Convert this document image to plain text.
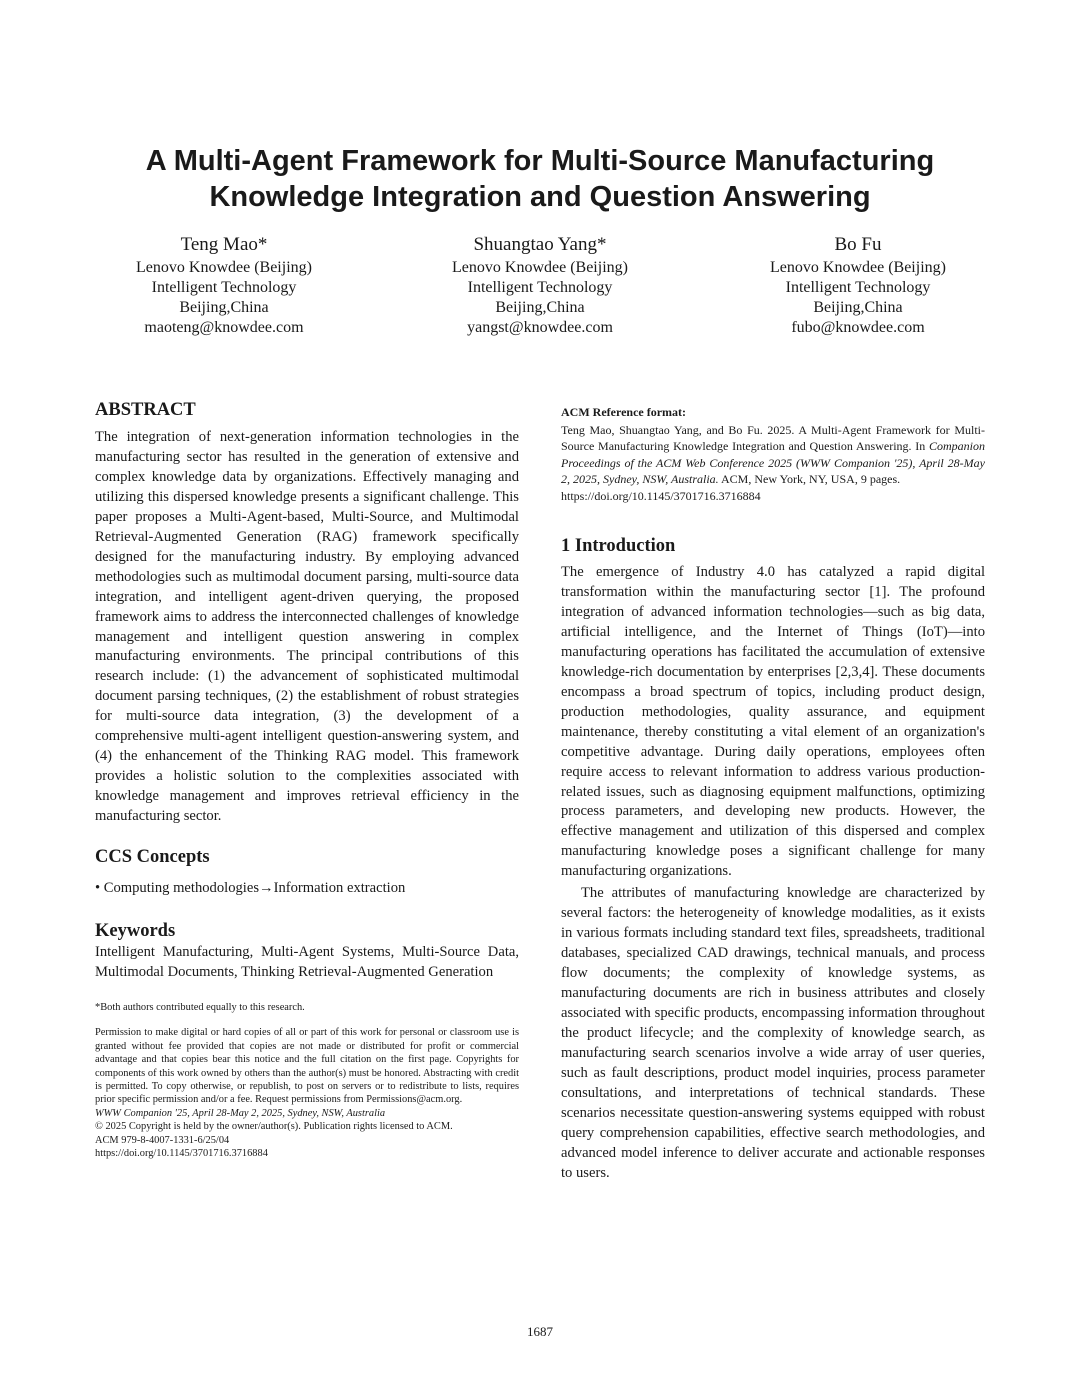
A Multi-Agent Framework for Multi-Source Manufacturing
Knowledge Integration and Question Answering
Teng Mao*
Lenovo Knowdee (Beijing)
Intelligent Technology
Beijing,China
maoteng@knowdee.com
Shuangtao Yang*
Lenovo Knowdee (Beijing)
Intelligent Technology
Beijing,China
yangst@knowdee.com
Bo Fu
Lenovo Knowdee (Beijing)
Intelligent Technology
Beijing,China
fubo@knowdee.com
ABSTRACT

The integration of next-generation information technologies in the manufacturing sector has resulted in the generation of extensive and complex knowledge data by organizations. Effectively managing and utilizing this dispersed knowledge presents a significant challenge. This paper proposes a Multi-Agent-based, Multi-Source, and Multimodal Retrieval-Augmented Generation (RAG) framework specifically designed for the manufacturing industry. By employing advanced methodologies such as multimodal document parsing, multi-source data integration, and intelligent agent-driven querying, the proposed framework aims to address the interconnected challenges of knowledge management and intelligent question answering in complex manufacturing environments. The principal contributions of this research include: (1) the advancement of sophisticated multimodal document parsing techniques, (2) the establishment of robust strategies for multi-source data integration, (3) the development of a comprehensive multi-agent intelligent question-answering system, and (4) the enhancement of the Thinking RAG model. This framework provides a holistic solution to the complexities associated with knowledge management and improves retrieval efficiency in the manufacturing sector.

CCS Concepts

• Computing methodologies→Information extraction

Keywords

Intelligent Manufacturing, Multi-Agent Systems, Multi-Source Data, Multimodal Documents, Thinking Retrieval-Augmented Generation

*Both authors contributed equally to this research.

Permission to make digital or hard copies of all or part of this work for personal or classroom use is granted without fee provided that copies are not made or distributed for profit or commercial advantage and that copies bear this notice and the full citation on the first page. Copyrights for components of this work owned by others than the author(s) must be honored. Abstracting with credit is permitted. To copy otherwise, or republish, to post on servers or to redistribute to lists, requires prior specific permission and/or a fee. Request permissions from Permissions@acm.org.

WWW Companion '25, April 28-May 2, 2025, Sydney, NSW, Australia

© 2025 Copyright is held by the owner/author(s). Publication rights licensed to ACM.

ACM 979-8-4007-1331-6/25/04

https://doi.org/10.1145/3701716.3716884

ACM Reference format:

Teng Mao, Shuangtao Yang, and Bo Fu. 2025. A Multi-Agent Framework for Multi-Source Manufacturing Knowledge Integration and Question Answering. In Companion Proceedings of the ACM Web Conference 2025 (WWW Companion '25), April 28-May 2, 2025, Sydney, NSW, Australia. ACM, New York, NY, USA, 9 pages.
https://doi.org/10.1145/3701716.3716884

1 Introduction

The emergence of Industry 4.0 has catalyzed a rapid digital transformation within the manufacturing sector [1]. The profound integration of advanced information technologies—such as big data, artificial intelligence, and the Internet of Things (IoT)—into manufacturing operations has facilitated the accumulation of extensive knowledge-rich documentation by enterprises [2,3,4]. These documents encompass a broad spectrum of topics, including product design, production methodologies, quality assurance, and equipment maintenance, thereby constituting a vital element of an organization's competitive advantage. During daily operations, employees often require access to relevant information to address various production-related issues, such as diagnosing equipment malfunctions, optimizing process parameters, and developing new products. However, the effective management and utilization of this dispersed and complex manufacturing knowledge poses a significant challenge for many manufacturing organizations.

The attributes of manufacturing knowledge are characterized by several factors: the heterogeneity of knowledge modalities, as it exists in various formats including standard text files, spreadsheets, traditional databases, specialized CAD drawings, technical manuals, and process flow documents; the complexity of knowledge systems, as manufacturing documents are rich in business attributes and closely associated with specific products, encompassing information throughout the product lifecycle; and the complexity of knowledge search, as manufacturing search scenarios involve a wide array of user queries, such as fault descriptions, product model inquiries, process parameter consultations, and interpretations of technical standards. These scenarios necessitate question-answering systems equipped with robust query comprehension capabilities, effective search methodologies, and advanced model inference to deliver accurate and actionable responses to users.

1687
